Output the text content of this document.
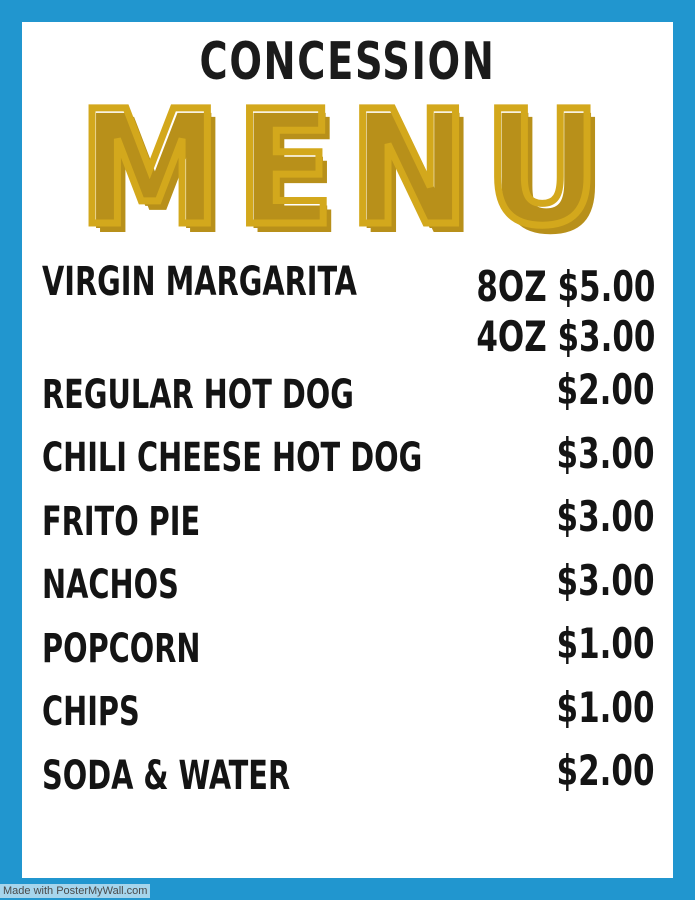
CONCESSION
MENU
VIRGIN MARGARITA	8OZ $5.00
4OZ $3.00
REGULAR HOT DOG	$2.00
CHILI CHEESE HOT DOG	$3.00
FRITO PIE	$3.00
NACHOS	$3.00
POPCORN	$1.00
CHIPS	$1.00
SODA & WATER	$2.00
Made with PosterMyWall.com
